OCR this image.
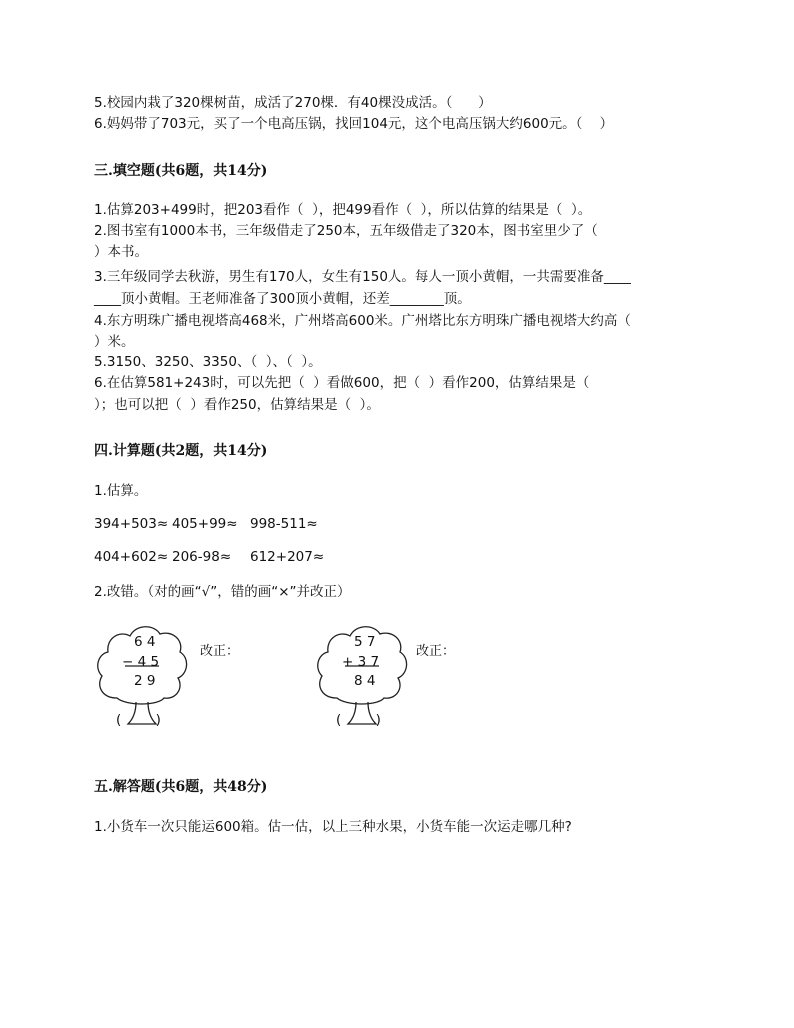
5.校园内栽了320棵树苗，成活了270棵．有40棵没成活。（      ）
6.妈妈带了703元，买了一个电高压锅，找回104元，这个电高压锅大约600元。（    ）
三.填空题(共6题，共14分)
1.估算203+499时，把203看作（  ），把499看作（  ），所以估算的结果是（  ）。
2.图书室有1000本书，三年级借走了250本，五年级借走了320本，图书室里少了（
）本书。
3.三年级同学去秋游，男生有170人，女生有150人。每人一顶小黄帽，一共需要准备____
____顶小黄帽。王老师准备了300顶小黄帽，还差________顶。
4.东方明珠广播电视塔高468米，广州塔高600米。广州塔比东方明珠广播电视塔大约高（
）米。
5.3150、3250、3350、（  ）、（  ）。
6.在估算581+243时，可以先把（  ）看做600，把（  ）看作200，估算结果是（
）；也可以把（  ）看作250，估算结果是（  ）。
四.计算题(共2题，共14分)
1.估算。
394+503≈ 405+99≈ 998-511≈
404+602≈ 206-98≈ 612+207≈
2.改错。（对的画“√”，错的画“×”并改正）
6 4
− 4 5
2 9
(        )
改正：
5 7
+ 3 7
8 4
(        )
改正：
五.解答题(共6题，共48分)
1.小货车一次只能运600箱。估一估，以上三种水果，小货车能一次运走哪几种?
